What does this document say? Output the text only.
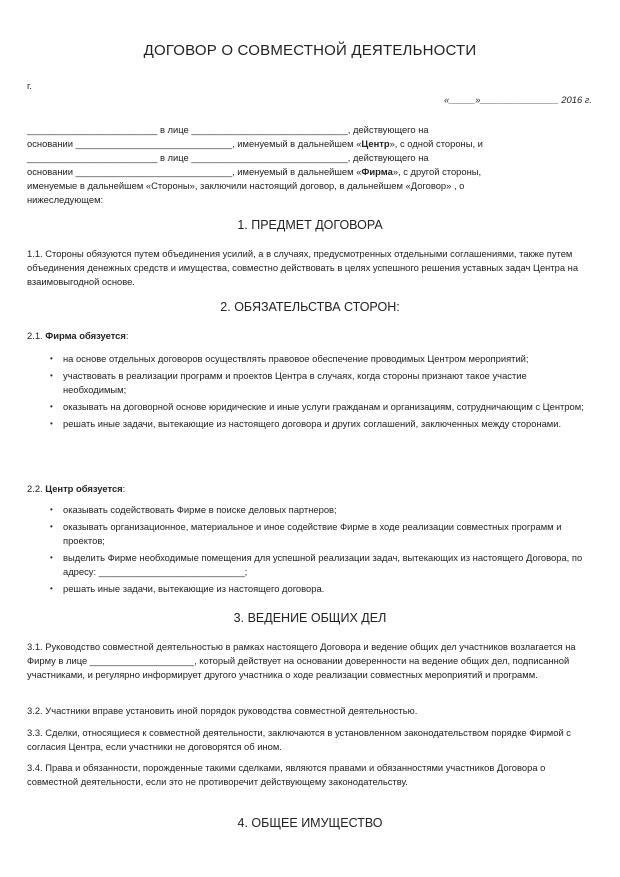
ДОГОВОР О СОВМЕСТНОЙ ДЕЯТЕЛЬНОСТИ
г.
«_____»_______________ 2016 г.

_________________________ в лице ______________________________, действующего на

основании ______________________________, именуемый в дальнейшем «Центр», с одной стороны, и

_________________________ в лице ______________________________, действующего на

основании ______________________________, именуемый в дальнейшем «Фирма», с другой стороны,

именуемые в дальнейшем «Стороны», заключили настоящий договор, в дальнейшем «Договор» , о

нижеследующем:

1. ПРЕДМЕТ ДОГОВОРА

1.1. Стороны обязуются путем объединения усилий, а в случаях, предусмотренных отдельными соглашениями, также путем объединения денежных средств и имущества, совместно действовать в целях успешного решения уставных задач Центра на взаимовыгодной основе.

2. ОБЯЗАТЕЛЬСТВА СТОРОН:
2.1. Фирма обязуется:
• на основе отдельных договоров осуществлять правовое обеспечение проводимых Центром мероприятий;
• участвовать в реализации программ и проектов Центра в случаях, когда стороны признают такое участие необходимым;
• оказывать на договорной основе юридические и иные услуги гражданам и организациям, сотрудничающим с Центром;
• решать иные задачи, вытекающие из настоящего договора и других соглашений, заключенных между сторонами.
2.2. Центр обязуется:
• оказывать содействовать Фирме в поиске деловых партнеров;
• оказывать организационное, материальное и иное содействие Фирме в ходе реализации совместных программ и проектов;
• выделить Фирме необходимые помещения для успешной реализации задач, вытекающих из настоящего Договора, по адресу: ____________________________;
• решать иные задачи, вытекающие из настоящего договора.
3. ВЕДЕНИЕ ОБЩИХ ДЕЛ

3.1. Руководство совместной деятельностью в рамках настоящего Договора и ведение общих дел участников возлагается на Фирму в лице ____________________, который действует на основании доверенности на ведение общих дел, подписанной участниками, и регулярно информирует другого участника о ходе реализации совместных мероприятий и программ.

3.2. Участники вправе установить иной порядок руководства совместной деятельностью.

3.3. Сделки, относящиеся к совместной деятельности, заключаются в установленном законодательством порядке Фирмой с согласия Центра, если участники не договорятся об ином.

3.4. Права и обязанности, порожденные такими сделками, являются правами и обязанностями участников Договора о совместной деятельности, если это не противоречит действующему законодательству.

4. ОБЩЕЕ ИМУЩЕСТВО
